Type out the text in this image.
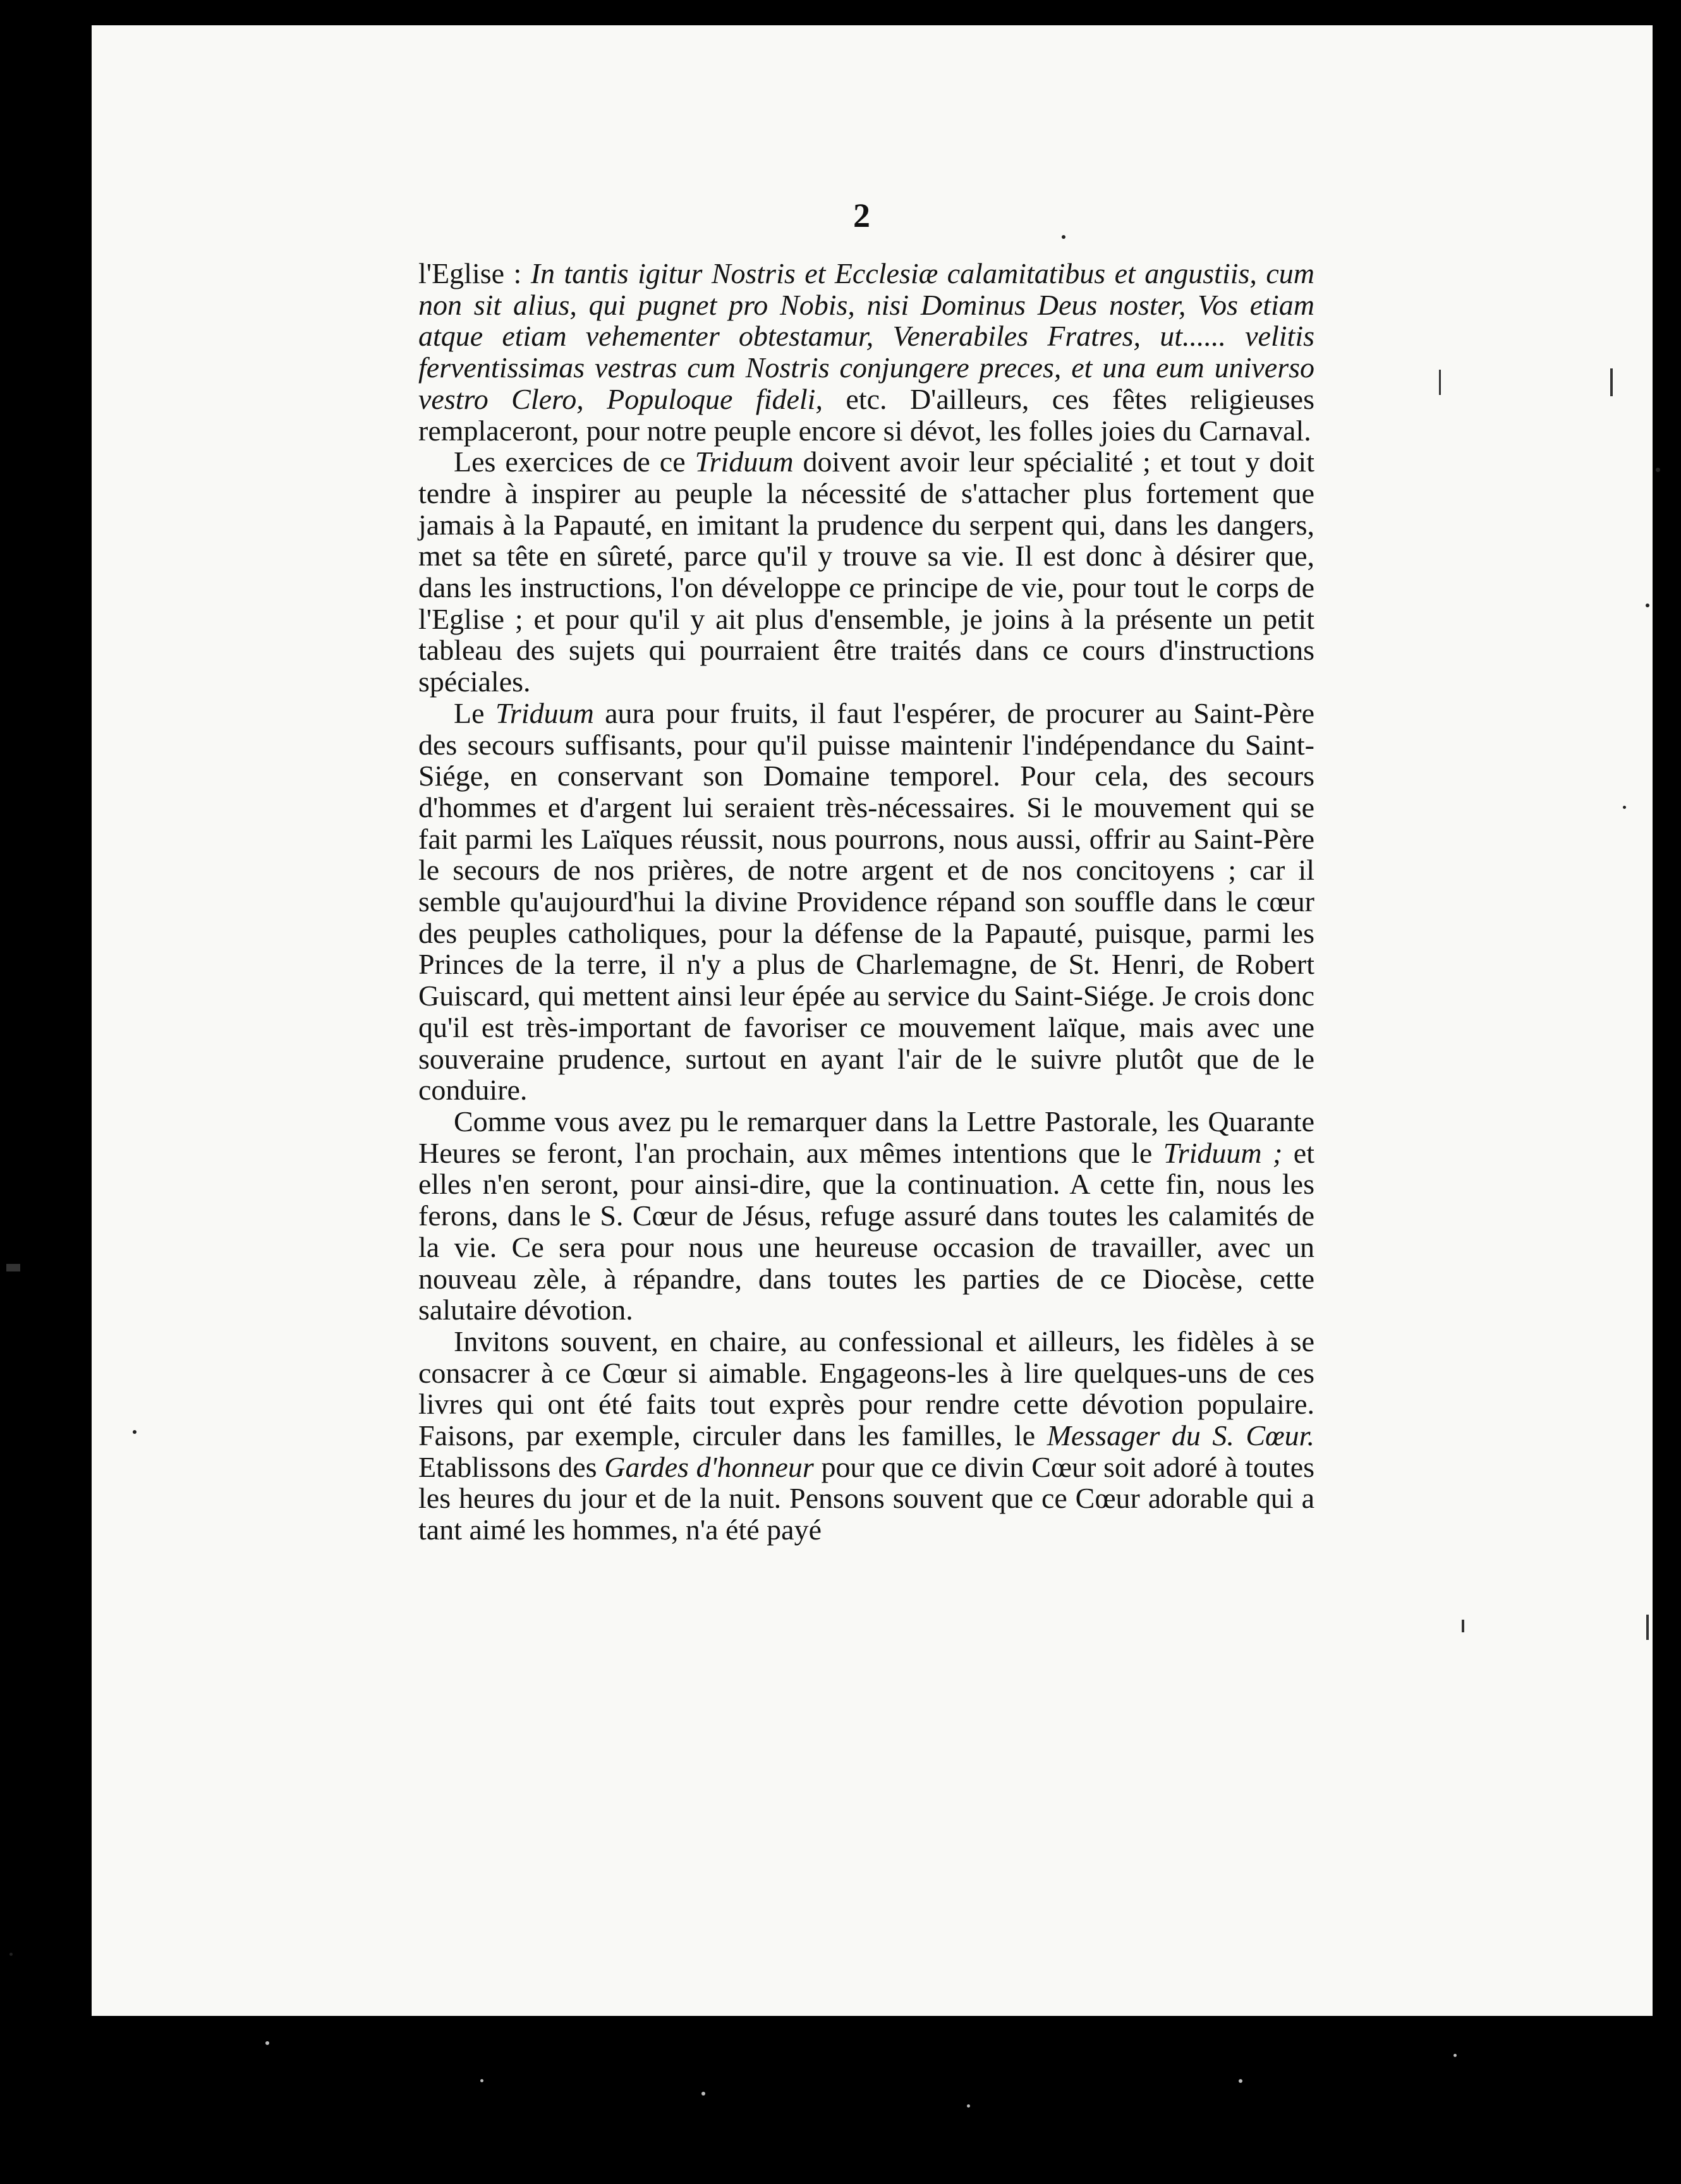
2

l'Eglise : In tantis igitur Nostris et Ecclesiæ calamitatibus et angustiis, cum non sit alius, qui pugnet pro Nobis, nisi Dominus Deus noster, Vos etiam atque etiam vehementer obtestamur, Venerabiles Fratres, ut...... velitis ferventissimas vestras cum Nostris conjungere preces, et una eum universo vestro Clero, Populoque fideli, etc. D'ailleurs, ces fêtes religieuses remplaceront, pour notre peuple encore si dévot, les folles joies du Carnaval.

Les exercices de ce Triduum doivent avoir leur spécialité ; et tout y doit tendre à inspirer au peuple la nécessité de s'attacher plus fortement que jamais à la Papauté, en imitant la prudence du serpent qui, dans les dangers, met sa tête en sûreté, parce qu'il y trouve sa vie. Il est donc à désirer que, dans les instructions, l'on développe ce principe de vie, pour tout le corps de l'Eglise ; et pour qu'il y ait plus d'ensemble, je joins à la présente un petit tableau des sujets qui pourraient être traités dans ce cours d'instructions spéciales.

Le Triduum aura pour fruits, il faut l'espérer, de procurer au Saint-Père des secours suffisants, pour qu'il puisse maintenir l'indépendance du Saint-Siége, en conservant son Domaine temporel. Pour cela, des secours d'hommes et d'argent lui seraient très-nécessaires. Si le mouvement qui se fait parmi les Laïques réussit, nous pourrons, nous aussi, offrir au Saint-Père le secours de nos prières, de notre argent et de nos concitoyens ; car il semble qu'aujourd'hui la divine Providence répand son souffle dans le cœur des peuples catholiques, pour la défense de la Papauté, puisque, parmi les Princes de la terre, il n'y a plus de Charlemagne, de St. Henri, de Robert Guiscard, qui mettent ainsi leur épée au service du Saint-Siége. Je crois donc qu'il est très-important de favoriser ce mouvement laïque, mais avec une souveraine prudence, surtout en ayant l'air de le suivre plutôt que de le conduire.

Comme vous avez pu le remarquer dans la Lettre Pastorale, les Quarante Heures se feront, l'an prochain, aux mêmes intentions que le Triduum ; et elles n'en seront, pour ainsi-dire, que la continuation. A cette fin, nous les ferons, dans le S. Cœur de Jésus, refuge assuré dans toutes les calamités de la vie. Ce sera pour nous une heureuse occasion de travailler, avec un nouveau zèle, à répandre, dans toutes les parties de ce Diocèse, cette salutaire dévotion.

Invitons souvent, en chaire, au confessional et ailleurs, les fidèles à se consacrer à ce Cœur si aimable. Engageons-les à lire quelques-uns de ces livres qui ont été faits tout exprès pour rendre cette dévotion populaire. Faisons, par exemple, circuler dans les familles, le Messager du S. Cœur. Etablissons des Gardes d'honneur pour que ce divin Cœur soit adoré à toutes les heures du jour et de la nuit. Pensons souvent que ce Cœur adorable qui a tant aimé les hommes, n'a été payé
